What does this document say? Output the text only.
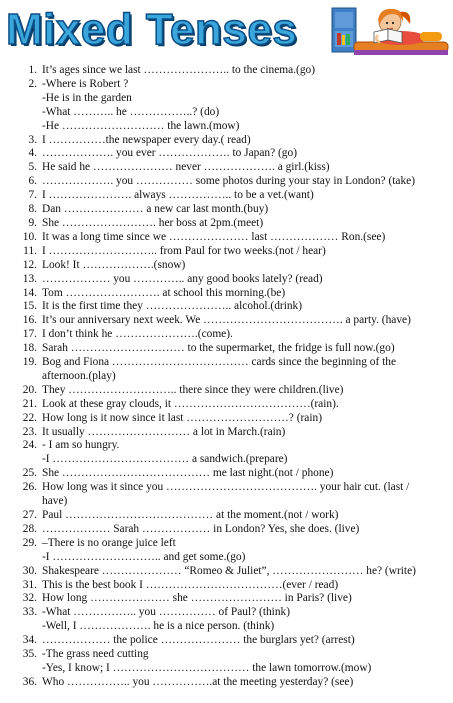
Mixed Tenses
1. It’s ages since we last ………………….. to the cinema.(go)
2. -Where is Robert ?
-He is in the garden
-What ……….. he ……………..? (do)
-He ……………………… the lawn.(mow)
3. I ……………the newspaper every day.( read)
4. ………………. you ever ………………. to Japan? (go)
5. He said he ………………… never ………………. a girl.(kiss)
6. ………………. you …………… some photos during your stay in London? (take)
7. I …………………. always …………….. to be a vet.(want)
8. Dan ………………… a new car last month.(buy)
9. She ……………………. her boss at 2pm.(meet)
10. It was a long time since we ………………… last ……………… Ron.(see)
11. I ……………………….. from Paul for two weeks.(not / hear)
12. Look! It ……………….(snow)
13. ……………… you ………….. any good books lately? (read)
14. Tom ……………………. at school this morning.(be)
15. It is the first time they ………………….. alcohol.(drink)
16. It’s our anniversary next week. We ………………………………. a party. (have)
17. I don’t think he ………………….(come).
18. Sarah ………………………… to the supermarket, the fridge is full now.(go)
19. Bog and Fiona ……………………………… cards since the beginning of the
afternoon.(play)
20. They ……………………….. there since they were children.(live)
21. Look at these gray clouds, it ………………………………(rain).
22. How long is it now since it last ………………………? (rain)
23. It usually ……………………… a lot in March.(rain)
24. - I am so hungry.
-I ……………………………… a sandwich.(prepare)
25. She ………………………………… me last night.(not / phone)
26. How long was it since you …………………………………. your hair cut. (last /
have)
27. Paul ………………………………… at the moment.(not / work)
28. ……………… Sarah ……………… in London? Yes, she does. (live)
29. –There is no orange juice left
-I ……………………….. and get some.(go)
30. Shakespeare ………………… “Romeo & Juliet”, …………………… he? (write)
31. This is the best book I ………………………………(ever / read)
32. How long ………………… she …………………… in Paris? (live)
33. -What …………….. you …………… of Paul? (think)
-Well, I ………………. he is a nice person. (think)
34. ……………… the police ………………… the burglars yet? (arrest)
35. -The grass need cutting
-Yes, I know; I ……………………………… the lawn tomorrow.(mow)
36. Who …………….. you …………….at the meeting yesterday? (see)
